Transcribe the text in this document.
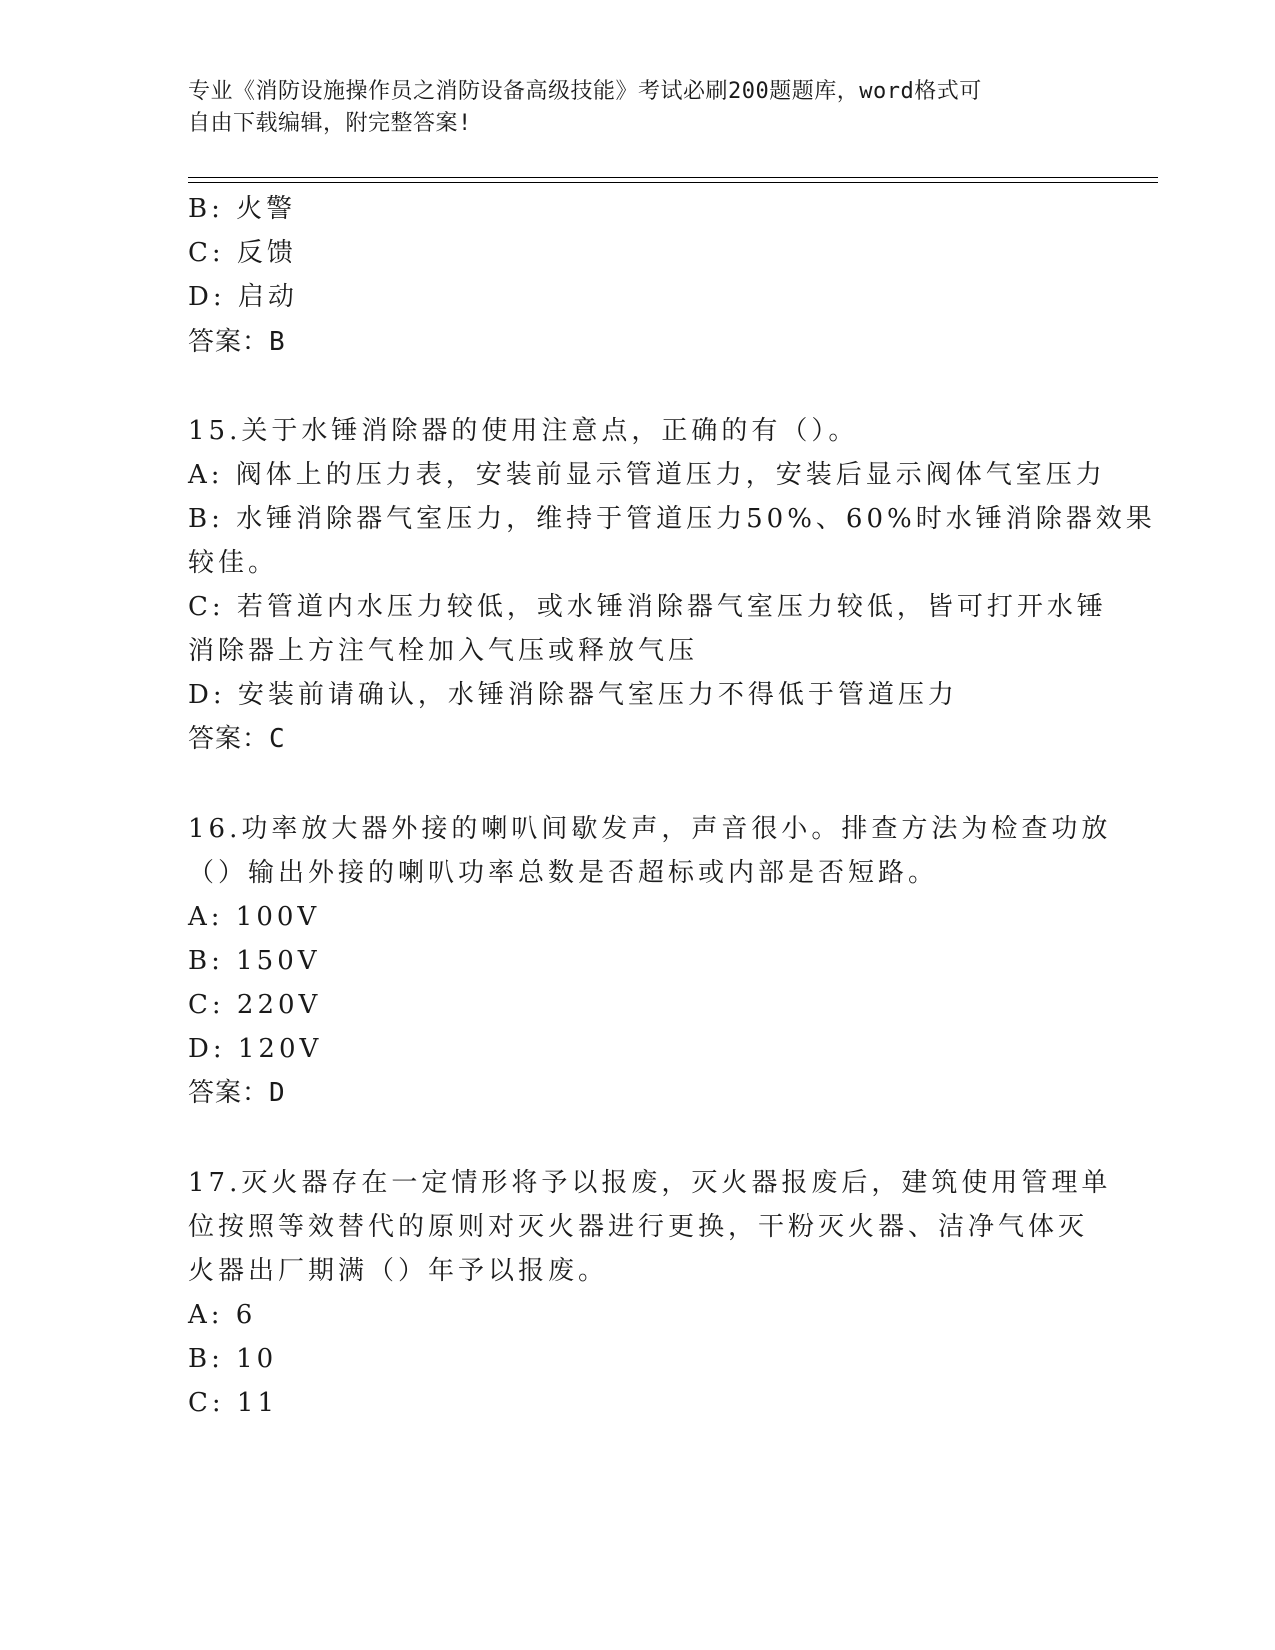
专业《消防设施操作员之消防设备高级技能》考试必刷200题题库，word格式可
自由下载编辑，附完整答案!
B: 火警
C: 反馈
D: 启动
答案：B
15.关于水锤消除器的使用注意点，正确的有（）。
A: 阀体上的压力表，安装前显示管道压力，安装后显示阀体气室压力
B: 水锤消除器气室压力，维持于管道压力50%、60%时水锤消除器效果
较佳。
C: 若管道内水压力较低，或水锤消除器气室压力较低，皆可打开水锤
消除器上方注气栓加入气压或释放气压
D: 安装前请确认，水锤消除器气室压力不得低于管道压力
答案：C
16.功率放大器外接的喇叭间歇发声，声音很小。排查方法为检查功放
（）输出外接的喇叭功率总数是否超标或内部是否短路。
A: 100V
B: 150V
C: 220V
D: 120V
答案：D
17.灭火器存在一定情形将予以报废，灭火器报废后，建筑使用管理单
位按照等效替代的原则对灭火器进行更换，干粉灭火器、洁净气体灭
火器出厂期满（）年予以报废。
A: 6
B: 10
C: 11
